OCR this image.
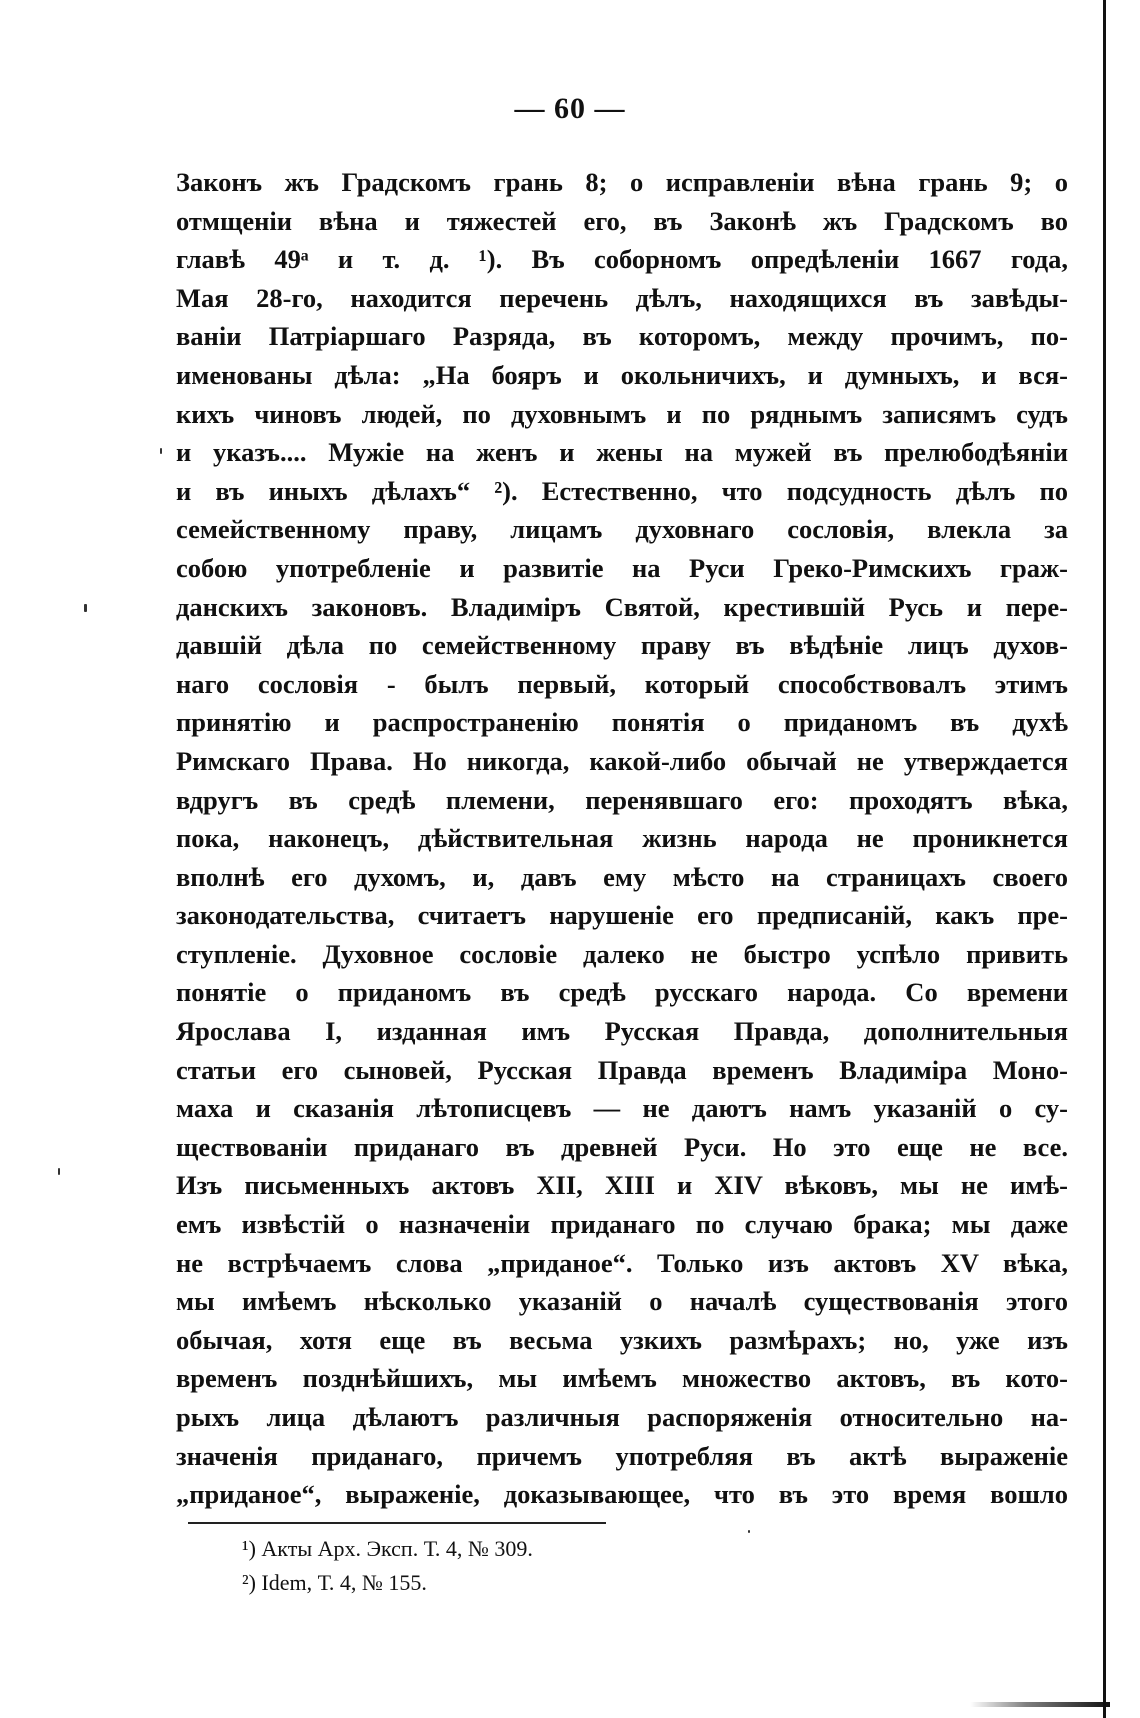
— 60 —
Законъ жъ Градскомъ грань 8; о исправленіи вѣна грань 9; о
отмщеніи вѣна и тяжестей его, въ Законѣ жъ Градскомъ во
главѣ 49ᵃ и т. д. ¹). Въ соборномъ опредѣленіи 1667 года,
Мая 28-го, находится перечень дѣлъ, находящихся въ завѣды-
ваніи Патріаршаго Разряда, въ которомъ, между прочимъ, по-
именованы дѣла: „На бояръ и окольничихъ, и думныхъ, и вся-
кихъ чиновъ людей, по духовнымъ и по ряднымъ записямъ судъ
и указъ.... Мужіе на женъ и жены на мужей въ прелюбодѣяніи
и въ иныхъ дѣлахъ“ ²). Естественно, что подсудность дѣлъ по
семейственному праву, лицамъ духовнаго сословія, влекла за
собою употребленіе и развитіе на Руси Греко-Римскихъ граж-
данскихъ законовъ. Владиміръ Святой, крестившій Русь и пере-
давшій дѣла по семейственному праву въ вѣдѣніе лицъ духов-
наго сословія - былъ первый, который способствовалъ этимъ
принятію и распространенію понятія о приданомъ въ духѣ
Римскаго Права. Но никогда, какой-либо обычай не утверждается
вдругъ въ средѣ племени, перенявшаго его: проходятъ вѣка,
пока, наконецъ, дѣйствительная жизнь народа не проникнется
вполнѣ его духомъ, и, давъ ему мѣсто на страницахъ своего
законодательства, считаетъ нарушеніе его предписаній, какъ пре-
ступленіе. Духовное сословіе далеко не быстро успѣло привить
понятіе о приданомъ въ средѣ русскаго народа. Со времени
Ярослава I, изданная имъ Русская Правда, дополнительныя
статьи его сыновей, Русская Правда временъ Владиміра Моно-
маха и сказанія лѣтописцевъ — не даютъ намъ указаній о су-
ществованіи приданаго въ древней Руси. Но это еще не все.
Изъ письменныхъ актовъ XII, XIII и XIV вѣковъ, мы не имѣ-
емъ извѣстій о назначеніи приданаго по случаю брака; мы даже
не встрѣчаемъ слова „приданое“. Только изъ актовъ XV вѣка,
мы имѣемъ нѣсколько указаній о началѣ существованія этого
обычая, хотя еще въ весьма узкихъ размѣрахъ; но, уже изъ
временъ позднѣйшихъ, мы имѣемъ множество актовъ, въ кото-
рыхъ лица дѣлаютъ различныя распоряженія относительно на-
значенія приданаго, причемъ употребляя въ актѣ выраженіе
„приданое“, выраженіе, доказывающее, что въ это время вошло
¹) Акты Арх. Эксп. Т. 4, № 309.
²) Idem, Т. 4, № 155.
